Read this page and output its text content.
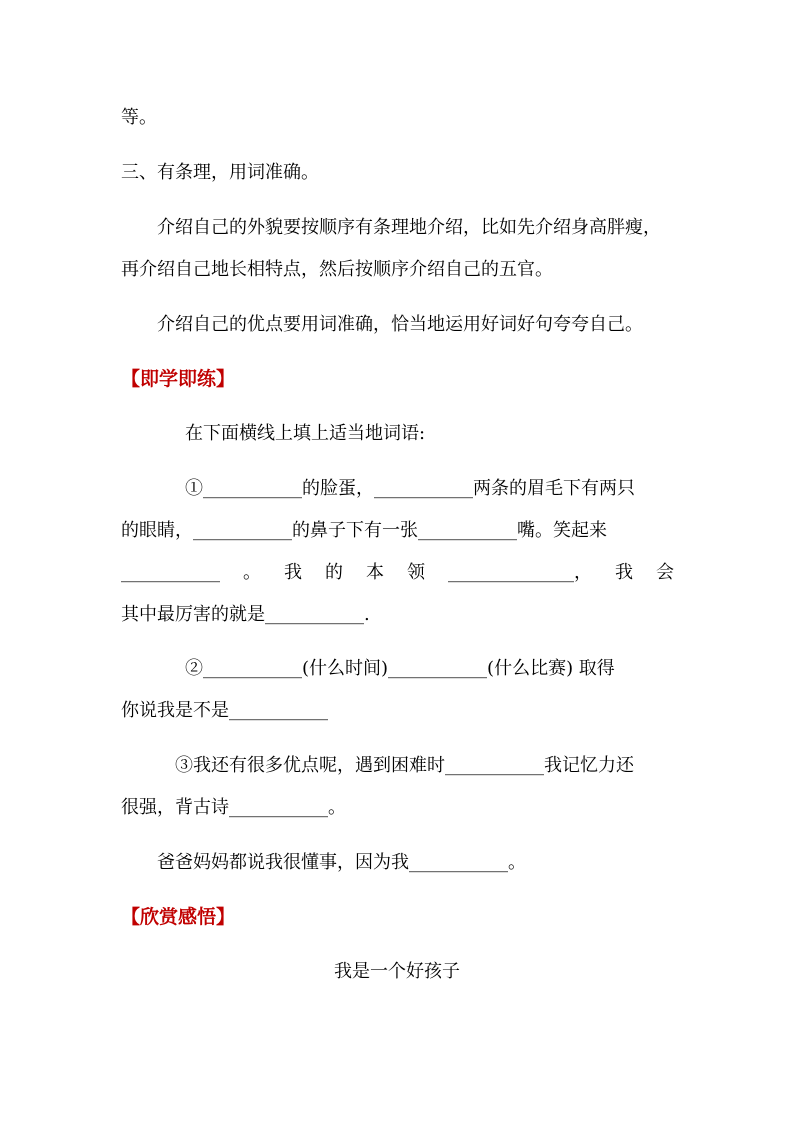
等。

三、有条理，用词准确。

介绍自己的外貌要按顺序有条理地介绍，比如先介绍身高胖瘦，

再介绍自己地长相特点，然后按顺序介绍自己的五官。

介绍自己的优点要用词准确，恰当地运用好词好句夸夸自己。

【即学即练】

在下面横线上填上适当地词语:

①___________的脸蛋，___________两条的眉毛下有两只

的眼睛，___________的鼻子下有一张___________嘴。笑起来

___________ 。 我 的 本 领 ______________， 我 会

其中最厉害的就是___________.

②___________(什么时间)___________(什么比赛) 取得

你说我是不是___________

③我还有很多优点呢，遇到困难时___________我记忆力还

很强，背古诗___________。

爸爸妈妈都说我很懂事，因为我___________。

【欣赏感悟】

我是一个好孩子
